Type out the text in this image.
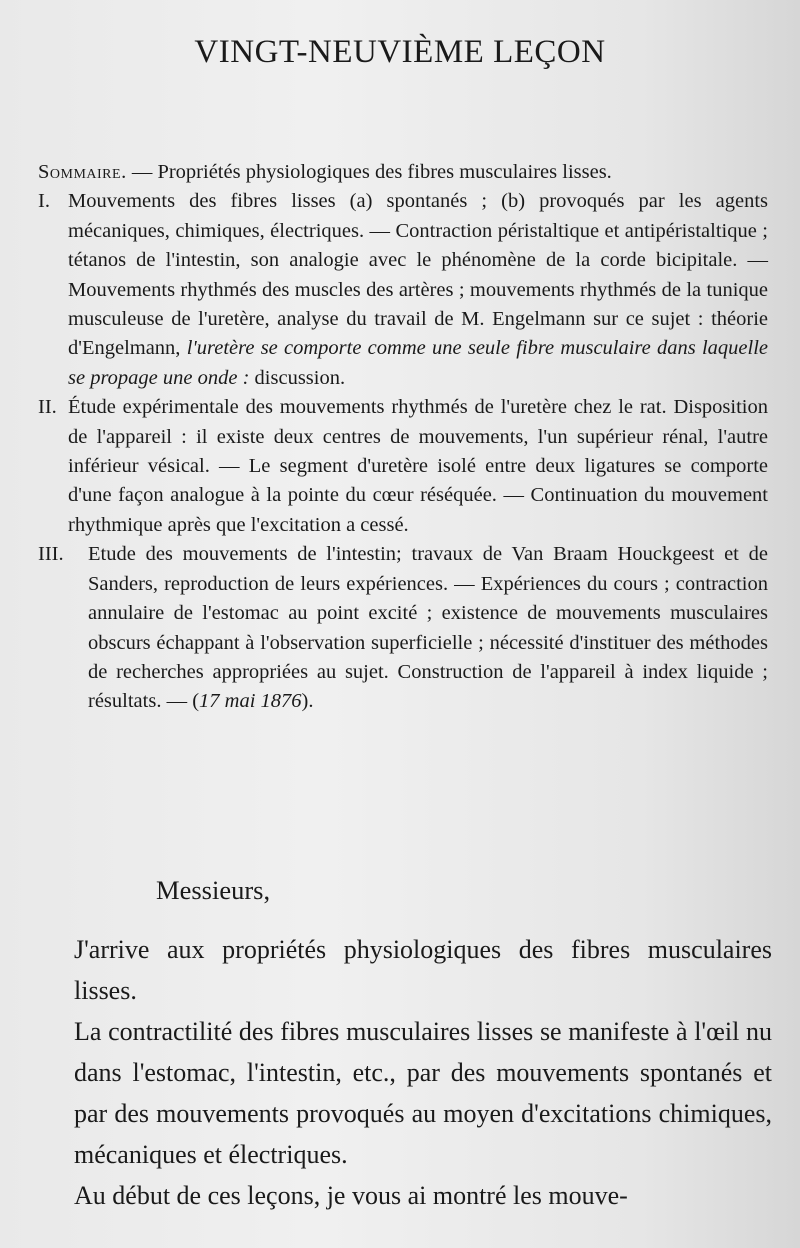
VINGT-NEUVIÈME LEÇON

Sommaire. — Propriétés physiologiques des fibres musculaires lisses.

I. Mouvements des fibres lisses (a) spontanés ; (b) provoqués par les agents mécaniques, chimiques, électriques. — Contraction péristaltique et antipéristaltique ; tétanos de l'intestin, son analogie avec le phénomène de la corde bicipitale. — Mouvements rhythmés des muscles des artères ; mouvements rhythmés de la tunique musculeuse de l'uretère, analyse du travail de M. Engelmann sur ce sujet : théorie d'Engelmann, l'uretère se comporte comme une seule fibre musculaire dans laquelle se propage une onde : discussion.

II. Étude expérimentale des mouvements rhythmés de l'uretère chez le rat. Disposition de l'appareil : il existe deux centres de mouvements, l'un supérieur rénal, l'autre inférieur vésical. — Le segment d'uretère isolé entre deux ligatures se comporte d'une façon analogue à la pointe du cœur réséquée. — Continuation du mouvement rhythmique après que l'excitation a cessé.

III. Etude des mouvements de l'intestin; travaux de Van Braam Houckgeest et de Sanders, reproduction de leurs expériences. — Expériences du cours ; contraction annulaire de l'estomac au point excité ; existence de mouvements musculaires obscurs échappant à l'observation superficielle ; nécessité d'instituer des méthodes de recherches appropriées au sujet. Construction de l'appareil à index liquide ; résultats. — (17 mai 1876).

Messieurs,

J'arrive aux propriétés physiologiques des fibres musculaires lisses.

La contractilité des fibres musculaires lisses se manifeste à l'œil nu dans l'estomac, l'intestin, etc., par des mouvements spontanés et par des mouvements provoqués au moyen d'excitations chimiques, mécaniques et électriques.

Au début de ces leçons, je vous ai montré les mouve-
